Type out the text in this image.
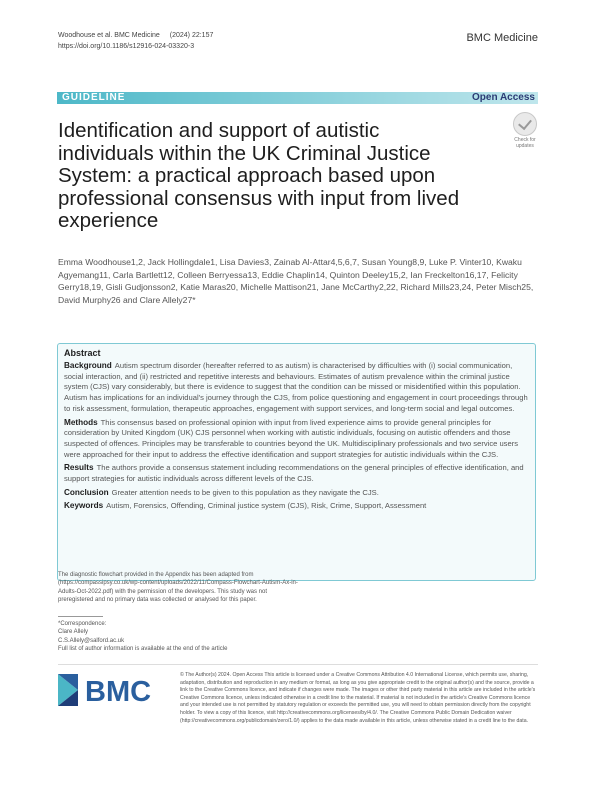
Woodhouse et al. BMC Medicine (2024) 22:157
https://doi.org/10.1186/s12916-024-03320-3
BMC Medicine
GUIDELINE	Open Access
Identification and support of autistic individuals within the UK Criminal Justice System: a practical approach based upon professional consensus with input from lived experience
Check for
updates
Emma Woodhouse1,2, Jack Hollingdale1, Lisa Davies3, Zainab Al-Attar4,5,6,7, Susan Young8,9, Luke P. Vinter10, Kwaku Agyemang11, Carla Bartlett12, Colleen Berryessa13, Eddie Chaplin14, Quinton Deeley15,2, Ian Freckelton16,17, Felicity Gerry18,19, Gisli Gudjonsson2, Katie Maras20, Michelle Mattison21, Jane McCarthy2,22, Richard Mills23,24, Peter Misch25, David Murphy26 and Clare Allely27*
Abstract

Background Autism spectrum disorder (hereafter referred to as autism) is characterised by difficulties with (i) social communication, social interaction, and (ii) restricted and repetitive interests and behaviours. Estimates of autism prevalence within the criminal justice system (CJS) vary considerably, but there is evidence to suggest that the condition can be missed or misidentified within this population. Autism has implications for an individual's journey through the CJS, from police questioning and engagement in court proceedings through to risk assessment, formulation, therapeutic approaches, engagement with support services, and long-term social and legal outcomes.

Methods This consensus based on professional opinion with input from lived experience aims to provide general principles for consideration by United Kingdom (UK) CJS personnel when working with autistic individuals, focusing on autistic offenders and those suspected of offences. Principles may be transferable to countries beyond the UK. Multidisciplinary professionals and two service users were approached for their input to address the effective identification and support strategies for autistic individuals within the CJS.

Results The authors provide a consensus statement including recommendations on the general principles of effective identification, and support strategies for autistic individuals across different levels of the CJS.

Conclusion Greater attention needs to be given to this population as they navigate the CJS.

Keywords Autism, Forensics, Offending, Criminal justice system (CJS), Risk, Crime, Support, Assessment

The diagnostic flowchart provided in the Appendix has been adapted from (https://compassipsy.co.uk/wp-content/uploads/2022/11/Compass-Flowchart-Autism-Ax-in-Adults-Oct-2022.pdf) with the permission of the developers. This study was not preregistered and no primary data was collected or analysed for this paper.
*Correspondence:
Clare Allely
C.S.Allely@salford.ac.uk
Full list of author information is available at the end of the article
BMC
© The Author(s) 2024. Open Access This article is licensed under a Creative Commons Attribution 4.0 International License, which permits use, sharing, adaptation, distribution and reproduction in any medium or format, as long as you give appropriate credit to the original author(s) and the source, provide a link to the Creative Commons licence, and indicate if changes were made. The images or other third party material in this article are included in the article's Creative Commons licence, unless indicated otherwise in a credit line to the material. If material is not included in the article's Creative Commons licence and your intended use is not permitted by statutory regulation or exceeds the permitted use, you will need to obtain permission directly from the copyright holder. To view a copy of this licence, visit http://creativecommons.org/licenses/by/4.0/. The Creative Commons Public Domain Dedication waiver (http://creativecommons.org/publicdomain/zero/1.0/) applies to the data made available in this article, unless otherwise stated in a credit line to the data.
